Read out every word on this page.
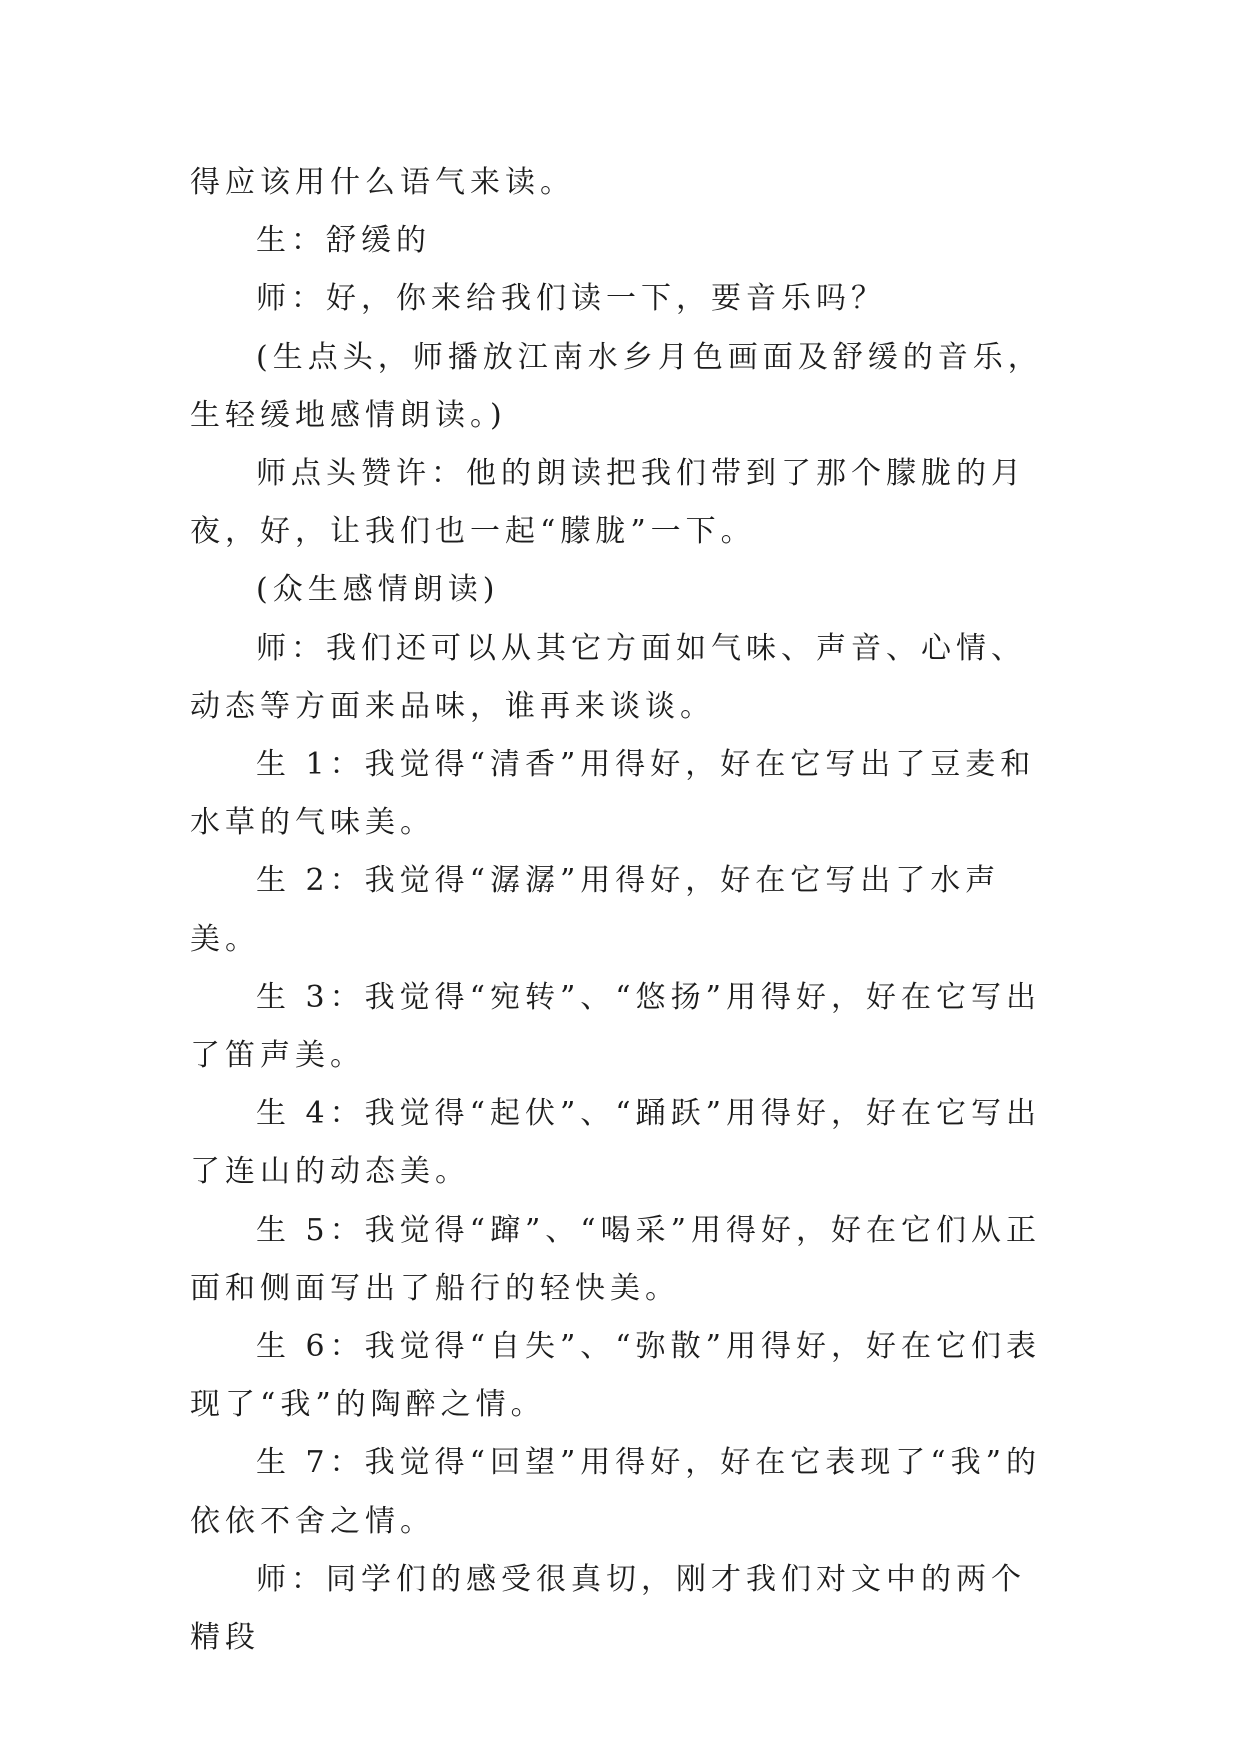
得应该用什么语气来读。

生：舒缓的

师：好，你来给我们读一下，要音乐吗？

(生点头，师播放江南水乡月色画面及舒缓的音乐，生轻缓地感情朗读。)

师点头赞许：他的朗读把我们带到了那个朦胧的月夜，好，让我们也一起“朦胧”一下。

(众生感情朗读)

师：我们还可以从其它方面如气味、声音、心情、动态等方面来品味，谁再来谈谈。

生 1：我觉得“清香”用得好，好在它写出了豆麦和水草的气味美。

生 2：我觉得“潺潺”用得好，好在它写出了水声美。

生 3：我觉得“宛转”、“悠扬”用得好，好在它写出了笛声美。

生 4：我觉得“起伏”、“踊跃”用得好，好在它写出了连山的动态美。

生 5：我觉得“蹿”、“喝采”用得好，好在它们从正面和侧面写出了船行的轻快美。

生 6：我觉得“自失”、“弥散”用得好，好在它们表现了“我”的陶醉之情。

生 7：我觉得“回望”用得好，好在它表现了“我”的依依不舍之情。

师：同学们的感受很真切，刚才我们对文中的两个精段
